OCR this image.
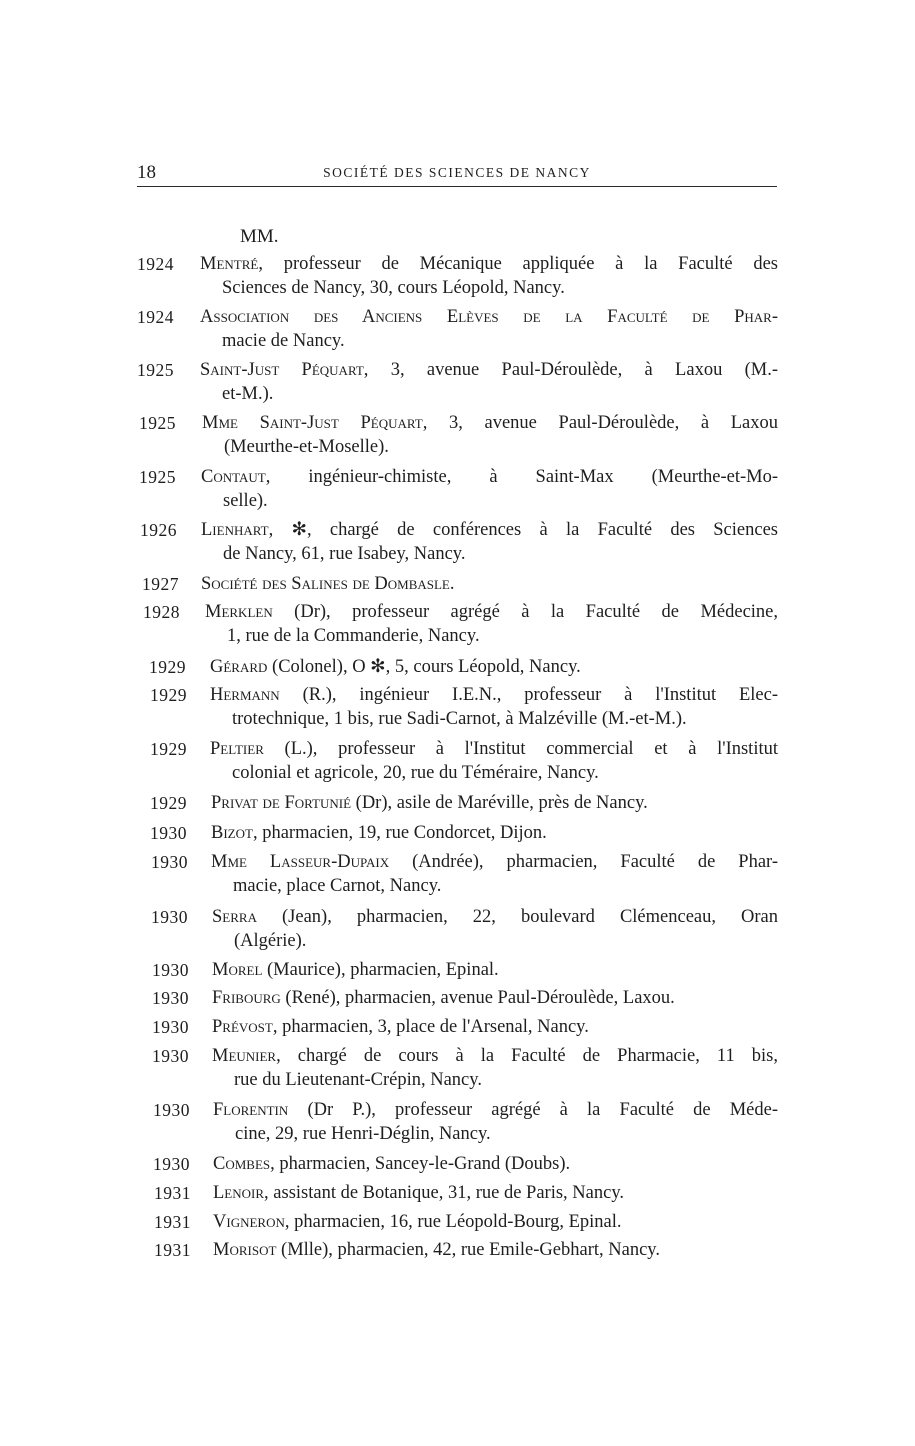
18	SOCIÉTÉ DES SCIENCES DE NANCY
MM.
1924 Mentré, professeur de Mécanique appliquée à la Faculté des
Sciences de Nancy, 30, cours Léopold, Nancy.
1924 Association des Anciens Elèves de la Faculté de Phar-
macie de Nancy.
1925 Saint-Just Péquart, 3, avenue Paul-Déroulède, à Laxou (M.-
et-M.).
1925 Mme Saint-Just Péquart, 3, avenue Paul-Déroulède, à Laxou
(Meurthe-et-Moselle).
1925 Contaut, ingénieur-chimiste, à Saint-Max (Meurthe-et-Mo-
selle).
1926 Lienhart, ✻, chargé de conférences à la Faculté des Sciences
de Nancy, 61, rue Isabey, Nancy.
1927 Société des Salines de Dombasle.
1928 Merklen (Dr), professeur agrégé à la Faculté de Médecine,
1, rue de la Commanderie, Nancy.
1929 Gérard (Colonel), O ✻, 5, cours Léopold, Nancy.
1929 Hermann (R.), ingénieur I.E.N., professeur à l'Institut Elec-
trotechnique, 1 bis, rue Sadi-Carnot, à Malzéville (M.-et-M.).
1929 Peltier (L.), professeur à l'Institut commercial et à l'Institut
colonial et agricole, 20, rue du Téméraire, Nancy.
1929 Privat de Fortunié (Dr), asile de Maréville, près de Nancy.
1930 Bizot, pharmacien, 19, rue Condorcet, Dijon.
1930 Mme Lasseur-Dupaix (Andrée), pharmacien, Faculté de Phar-
macie, place Carnot, Nancy.
1930 Serra (Jean), pharmacien, 22, boulevard Clémenceau, Oran
(Algérie).
1930 Morel (Maurice), pharmacien, Epinal.
1930 Fribourg (René), pharmacien, avenue Paul-Déroulède, Laxou.
1930 Prévost, pharmacien, 3, place de l'Arsenal, Nancy.
1930 Meunier, chargé de cours à la Faculté de Pharmacie, 11 bis,
rue du Lieutenant-Crépin, Nancy.
1930 Florentin (Dr P.), professeur agrégé à la Faculté de Méde-
cine, 29, rue Henri-Déglin, Nancy.
1930 Combes, pharmacien, Sancey-le-Grand (Doubs).
1931 Lenoir, assistant de Botanique, 31, rue de Paris, Nancy.
1931 Vigneron, pharmacien, 16, rue Léopold-Bourg, Epinal.
1931 Morisot (Mlle), pharmacien, 42, rue Emile-Gebhart, Nancy.
